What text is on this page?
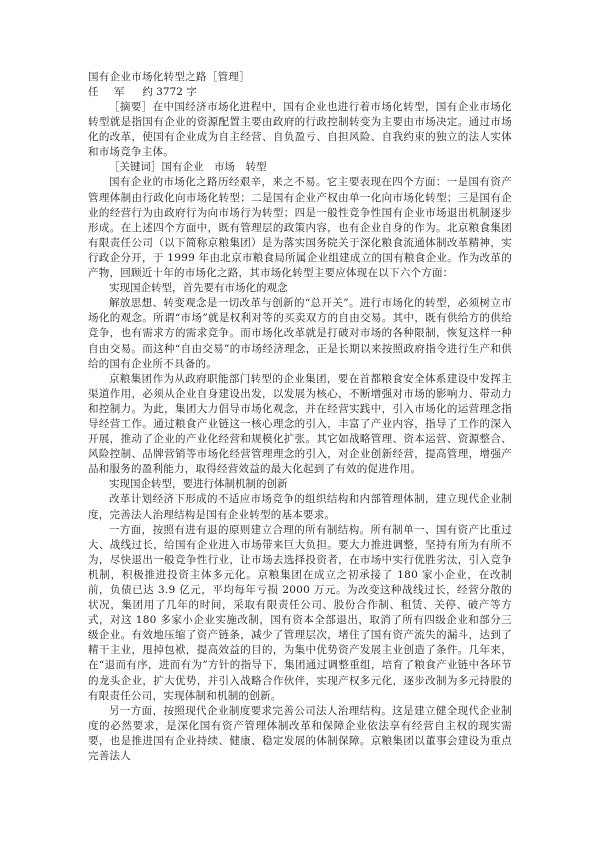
国有企业市场化转型之路［管理］

任 军 约 3772 字

［摘要］在中国经济市场化进程中，国有企业也进行着市场化转型，国有企业市场化转型就是指国有企业的资源配置主要由政府的行政控制转变为主要由市场决定。通过市场化的改革，使国有企业成为自主经营、自负盈亏、自担风险、自我约束的独立的法人实体和市场竞争主体。

［关键词］国有企业　市场　转型

国有企业的市场化之路历经艰辛，来之不易。它主要表现在四个方面：一是国有资产管理体制由行政化向市场化转型；二是国有企业产权由单一化向市场化转型；三是国有企业的经营行为由政府行为向市场行为转型；四是一般性竞争性国有企业市场退出机制逐步形成。在上述四个方面中，既有管理层的政策内容，也有企业自身的作为。北京粮食集团有限责任公司（以下简称京粮集团）是为落实国务院关于深化粮食流通体制改革精神，实行政企分开，于 1999 年由北京市粮食局所属企业组建成立的国有粮食企业。作为改革的产物，回顾近十年的市场化之路，其市场化转型主要应体现在以下六个方面：

实现国企转型，首先要有市场化的观念

解放思想、转变观念是一切改革与创新的“总开关”。进行市场化的转型，必须树立市场化的观念。所谓“市场”就是权利对等的买卖双方的自由交易。其中，既有供给方的供给竞争，也有需求方的需求竞争。而市场化改革就是打破对市场的各种限制，恢复这样一种自由交易。而这种“自由交易”的市场经济理念，正是长期以来按照政府指令进行生产和供给的国有企业所不具备的。

京粮集团作为从政府职能部门转型的企业集团，要在首都粮食安全体系建设中发挥主渠道作用，必须从企业自身建设出发，以发展为核心，不断增强对市场的影响力、带动力和控制力。为此，集团大力倡导市场化观念，并在经营实践中，引入市场化的运营理念指导经营工作。通过粮食产业链这一核心理念的引入，丰富了产业内容，指导了工作的深入开展，推动了企业的产业化经营和规模化扩张。其它如战略管理、资本运营、资源整合、风险控制、品牌营销等市场化经营管理理念的引入，对企业创新经营，提高管理，增强产品和服务的盈利能力，取得经营效益的最大化起到了有效的促进作用。

实现国企转型，要进行体制机制的创新

改革计划经济下形成的不适应市场竞争的组织结构和内部管理体制，建立现代企业制度，完善法人治理结构是国有企业转型的基本要求。

一方面，按照有进有退的原则建立合理的所有制结构。所有制单一、国有资产比重过大、战线过长，给国有企业进入市场带来巨大负担。要大力推进调整，坚持有所为有所不为，尽快退出一般竞争性行业，让市场去选择投资者，在市场中实行优胜劣汰，引入竞争机制，积极推进投资主体多元化。京粮集团在成立之初承接了 180 家小企业，在改制前，负债已达 3.9 亿元，平均每年亏损 2000 万元。为改变这种战线过长，经营分散的状况，集团用了几年的时间，采取有限责任公司、股份合作制、租赁、关停、破产等方式，对这 180 多家小企业实施改制，国有资本全部退出，取消了所有四级企业和部分三级企业。有效地压缩了资产链条，减少了管理层次，堵住了国有资产流失的漏斗，达到了精干主业，甩掉包袱，提高效益的目的，为集中优势资产发展主业创造了条件。几年来，在“退而有序，进而有为”方针的指导下，集团通过调整重组，培育了粮食产业链中各环节的龙头企业，扩大优势，并引入战略合作伙伴，实现产权多元化，逐步改制为多元持股的有限责任公司，实现体制和机制的创新。

另一方面，按照现代企业制度要求完善公司法人治理结构。这是建立健全现代企业制度的必然要求，是深化国有资产管理体制改革和保障企业依法享有经营自主权的现实需要，也是推进国有企业持续、健康、稳定发展的体制保障。京粮集团以董事会建设为重点完善法人
